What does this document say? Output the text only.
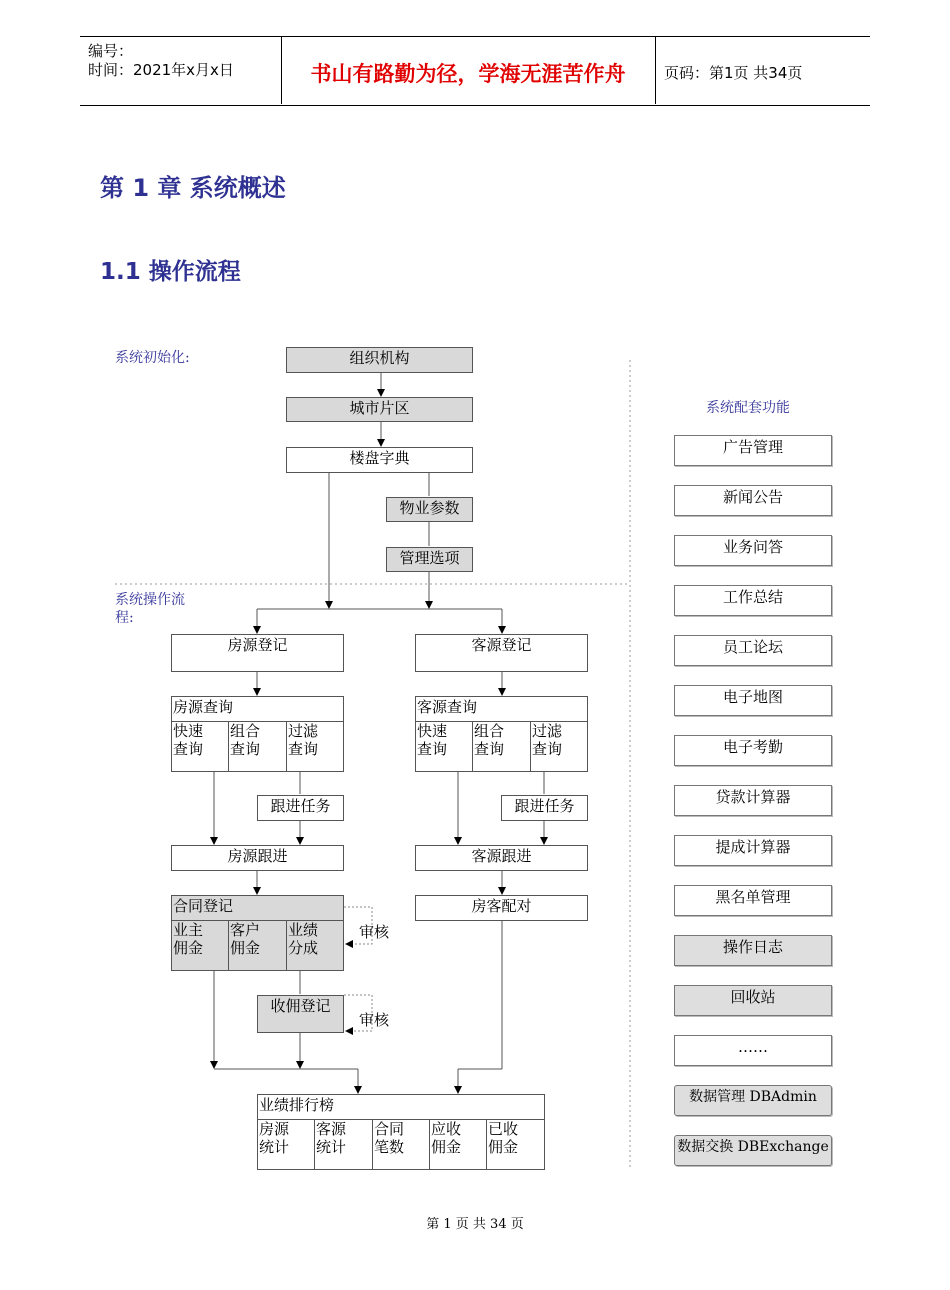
编号：
时间：2021年x月x日	书山有路勤为径，学海无涯苦作舟	页码：第1页 共34页
第 1 章 系统概述
1.1 操作流程
系统初始化:
系统操作流
程:
系统配套功能
组织机构
城市片区
楼盘字典
物业参数
管理选项
房源登记	客源登记
房源查询
快速
查询
组合
查询
过滤
查询
客源查询
快速
查询
组合
查询
过滤
查询
跟进任务	跟进任务
房源跟进	客源跟进
合同登记
业主
佣金
客户
佣金
业绩
分成
房客配对
审核
审核
收佣登记
业绩排行榜
房源
统计
客源
统计
合同
笔数
应收
佣金
已收
佣金
广告管理
新闻公告
业务问答
工作总结
员工论坛
电子地图
电子考勤
贷款计算器
提成计算器
黑名单管理
操作日志
回收站
……
数据管理 DBAdmin
数据交换 DBExchange
第 1 页 共 34 页
